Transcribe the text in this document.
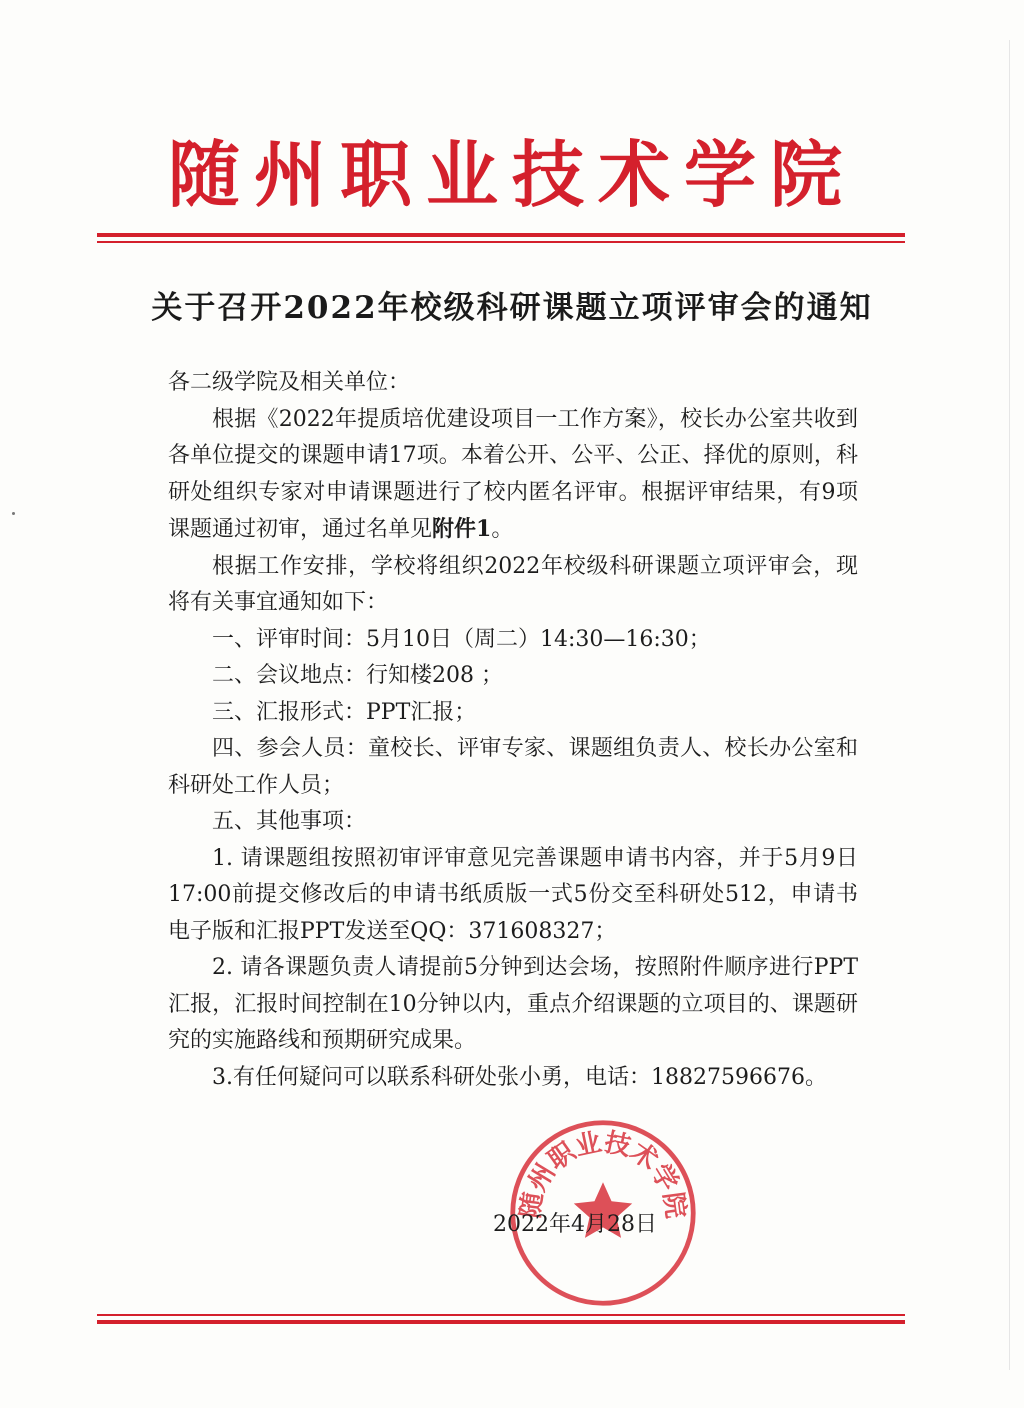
随州职业技术学院
关于召开2022年校级科研课题立项评审会的通知

各二级学院及相关单位：

根据《2022年提质培优建设项目一工作方案》，校长办公室共收到各单位提交的课题申请17项。本着公开、公平、公正、择优的原则，科研处组织专家对申请课题进行了校内匿名评审。根据评审结果，有9项课题通过初审，通过名单见附件1。

根据工作安排，学校将组织2022年校级科研课题立项评审会，现将有关事宜通知如下：

一、评审时间：5月10日（周二）14:30—16:30；

二、会议地点：行知楼208 ；

三、汇报形式：PPT汇报；

四、参会人员：童校长、评审专家、课题组负责人、校长办公室和科研处工作人员；

五、其他事项：

1. 请课题组按照初审评审意见完善课题申请书内容，并于5月9日17:00前提交修改后的申请书纸质版一式5份交至科研处512，申请书电子版和汇报PPT发送至QQ：371608327；

2. 请各课题负责人请提前5分钟到达会场，按照附件顺序进行PPT汇报，汇报时间控制在10分钟以内，重点介绍课题的立项目的、课题研究的实施路线和预期研究成果。

3.有任何疑问可以联系科研处张小勇，电话：18827596676。

随州职业技术学院
2022年4月28日
